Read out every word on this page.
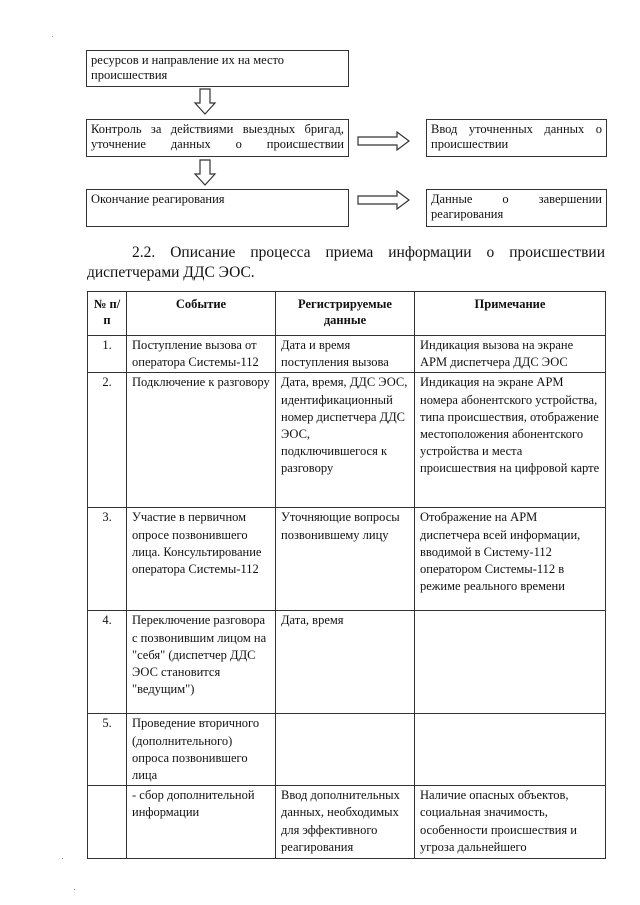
ресурсов и направление их на место происшествия
Контроль за действиями выездных бригад, уточнение данных о происшествии
Ввод уточненных данных о происшествии
Окончание реагирования	Данные о завершении реагирования
2.2. Описание процесса приема информации о происшествии
диспетчерами ДДС ЭОС.
№ п/п	Событие	Регистрируемые данные	Примечание
1.	Поступление вызова от оператора Системы-112	Дата и время поступления вызова	Индикация вызова на экране АРМ диспетчера ДДС ЭОС
2.	Подключение к разговору	Дата, время, ДДС ЭОС, идентификационный номер диспетчера ДДС ЭОС, подключившегося к разговору	Индикация на экране АРМ номера абонентского устройства, типа происшествия, отображение местоположения абонентского устройства и места происшествия на цифровой карте
3.	Участие в первичном опросе позвонившего лица. Консультирование оператора Системы-112	Уточняющие вопросы позвонившему лицу	Отображение на АРМ диспетчера всей информации, вводимой в Систему-112 оператором Системы-112 в режиме реального времени
4.	Переключение разговора с позвонившим лицом на "себя" (диспетчер ДДС ЭОС становится "ведущим")	Дата, время	
5.	Проведение вторичного (дополнительного) опроса позвонившего лица		
	- сбор дополнительной информации	Ввод дополнительных данных, необходимых для эффективного реагирования	Наличие опасных объектов, социальная значимость, особенности происшествия и угроза дальнейшего
